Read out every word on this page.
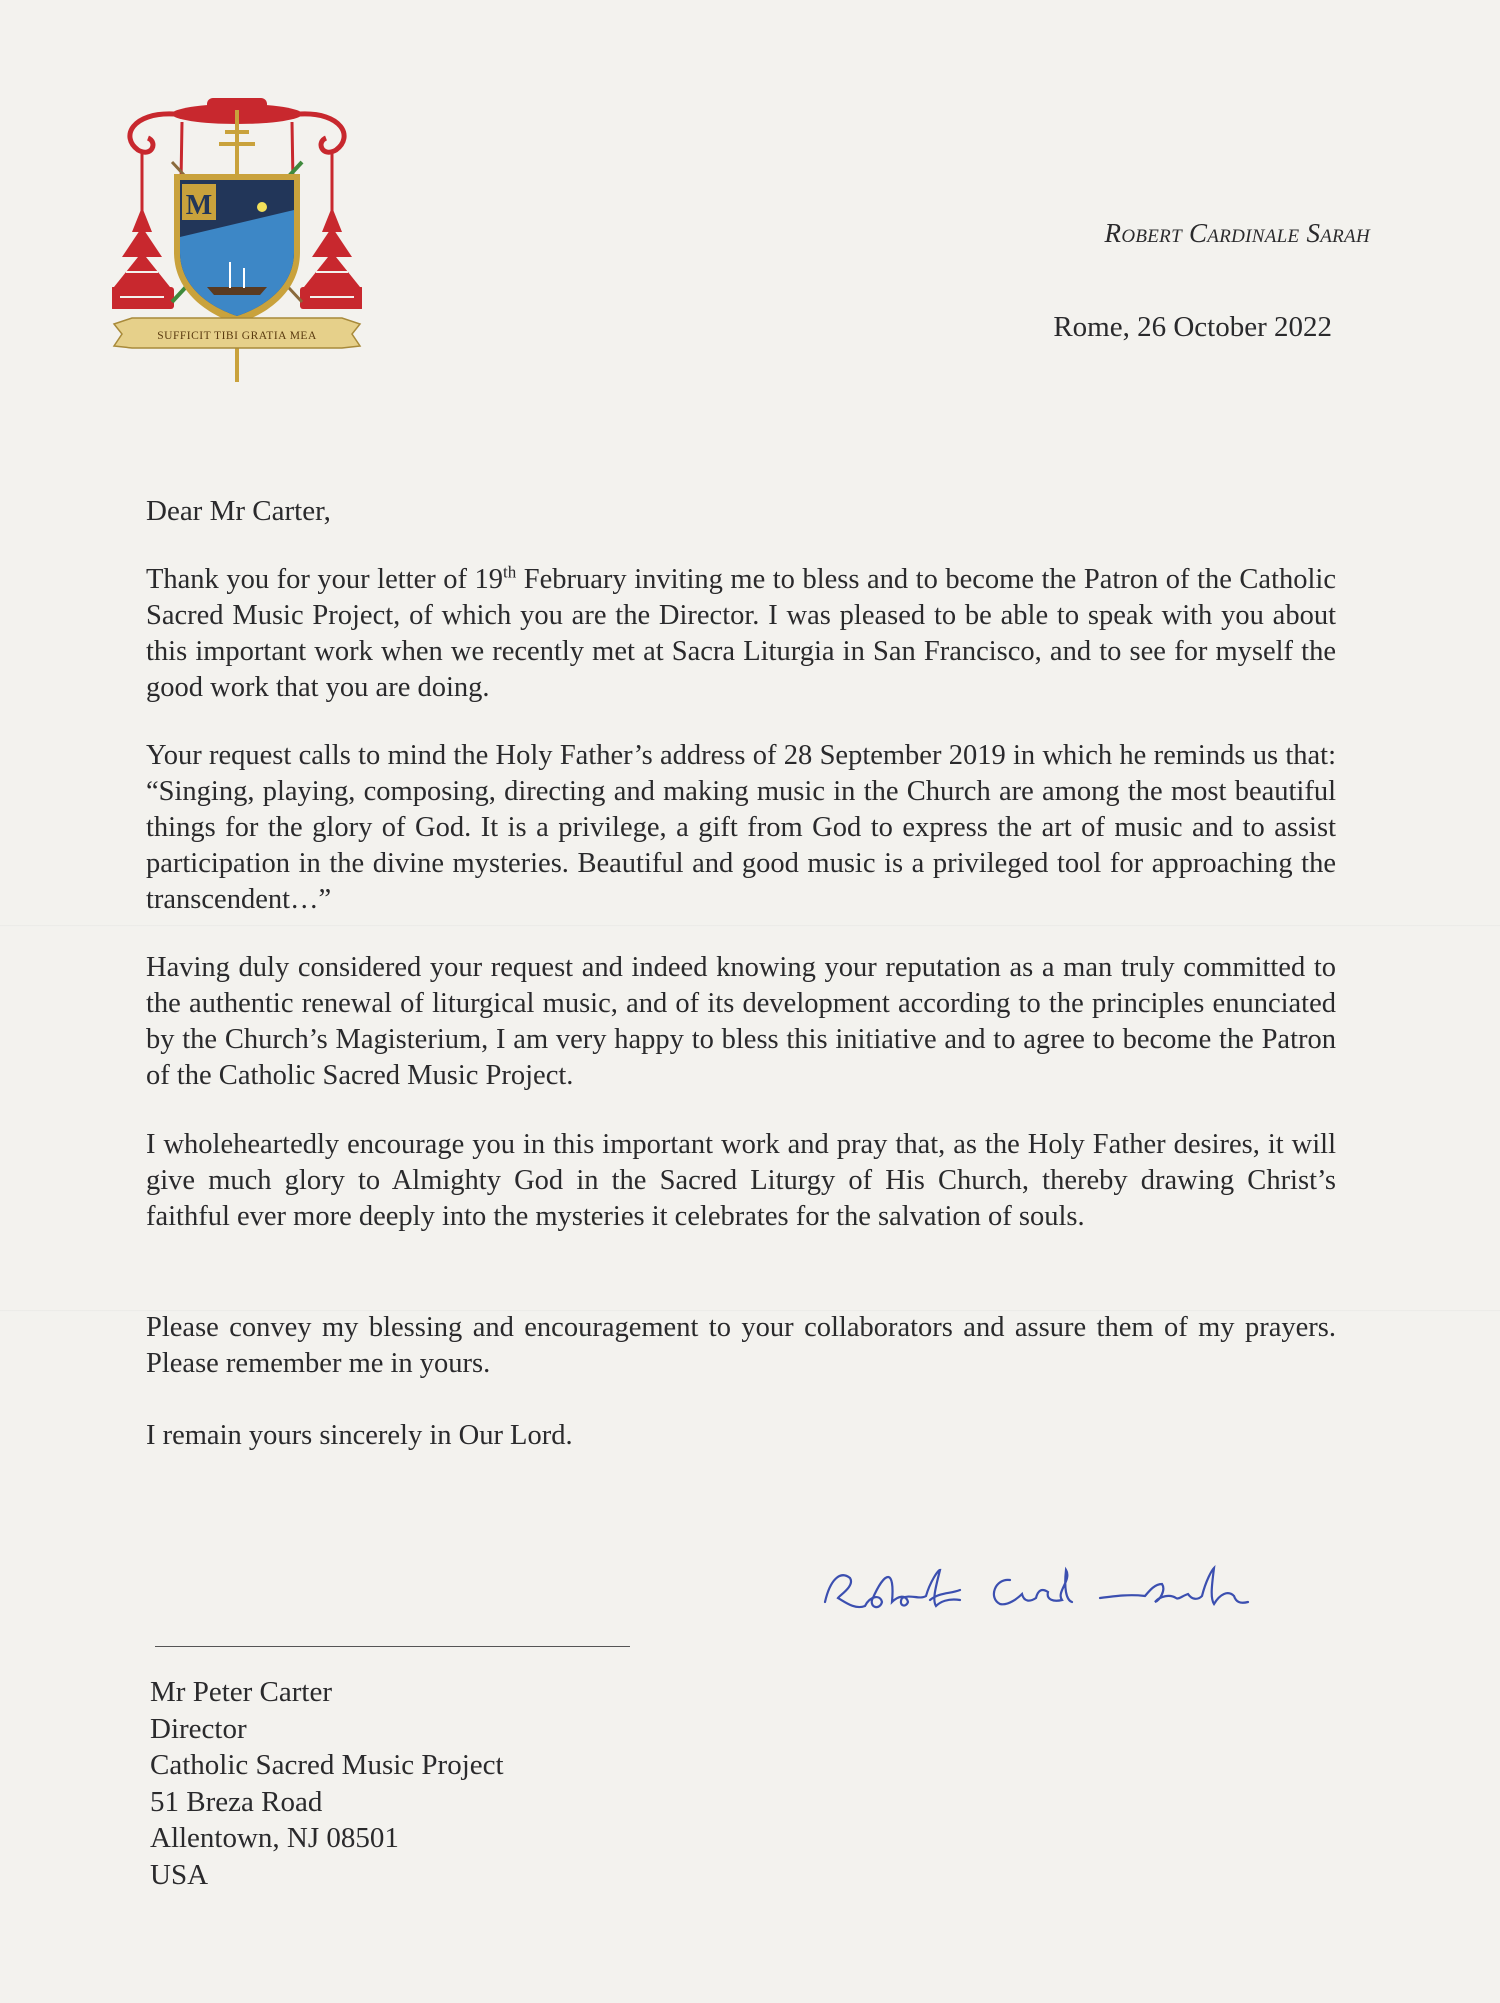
M
SUFFICIT TIBI GRATIA MEA
Robert Cardinale Sarah
Rome, 26 October 2022
Dear Mr Carter,
Thank you for your letter of 19th February inviting me to bless and to become the Patron of the Catholic Sacred Music Project, of which you are the Director. I was pleased to be able to speak with you about this important work when we recently met at Sacra Liturgia in San Francisco, and to see for myself the good work that you are doing.
Your request calls to mind the Holy Father’s address of 28 September 2019 in which he reminds us that: “Singing, playing, composing, directing and making music in the Church are among the most beautiful things for the glory of God. It is a privilege, a gift from God to express the art of music and to assist participation in the divine mysteries. Beautiful and good music is a privileged tool for approaching the transcendent…”
Having duly considered your request and indeed knowing your reputation as a man truly committed to the authentic renewal of liturgical music, and of its development according to the principles enunciated by the Church’s Magisterium, I am very happy to bless this initiative and to agree to become the Patron of the Catholic Sacred Music Project.
I wholeheartedly encourage you in this important work and pray that, as the Holy Father desires, it will give much glory to Almighty God in the Sacred Liturgy of His Church, thereby drawing Christ’s faithful ever more deeply into the mysteries it celebrates for the salvation of souls.
Please convey my blessing and encouragement to your collaborators and assure them of my prayers. Please remember me in yours.
I remain yours sincerely in Our Lord.
Mr Peter Carter
Director
Catholic Sacred Music Project
51 Breza Road
Allentown, NJ 08501
USA
